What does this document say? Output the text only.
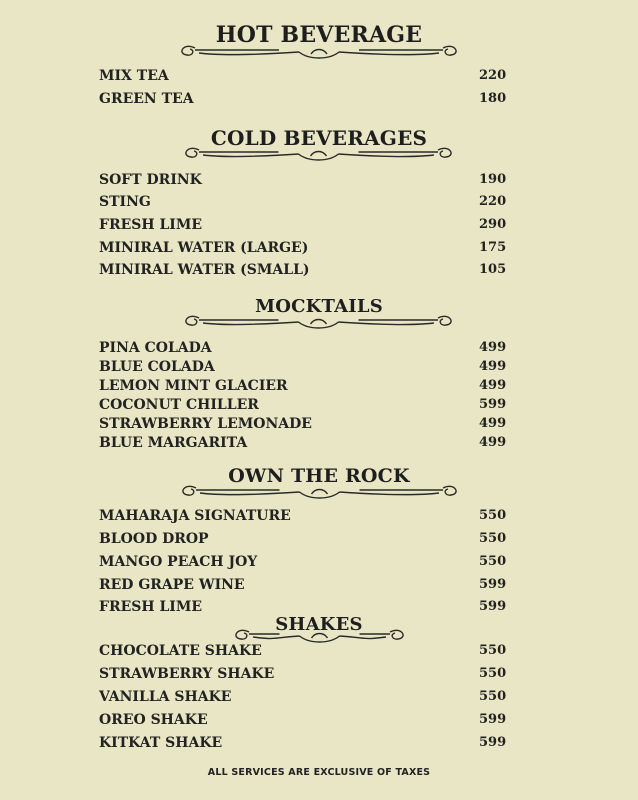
HOT BEVERAGE
MIX TEA	220
GREEN TEA	180
COLD BEVERAGES
SOFT DRINK	190
STING	220
FRESH LIME	290
MINIRAL WATER (LARGE)	175
MINIRAL WATER (SMALL)	105
MOCKTAILS
PINA COLADA	499
BLUE COLADA	499
LEMON MINT GLACIER	499
COCONUT CHILLER	599
STRAWBERRY LEMONADE	499
BLUE MARGARITA	499
OWN THE ROCK
MAHARAJA SIGNATURE	550
BLOOD DROP	550
MANGO PEACH JOY	550
RED GRAPE WINE	599
FRESH LIME	599
SHAKES
CHOCOLATE SHAKE	550
STRAWBERRY SHAKE	550
VANILLA SHAKE	550
OREO SHAKE	599
KITKAT SHAKE	599
ALL SERVICES ARE EXCLUSIVE OF TAXES
